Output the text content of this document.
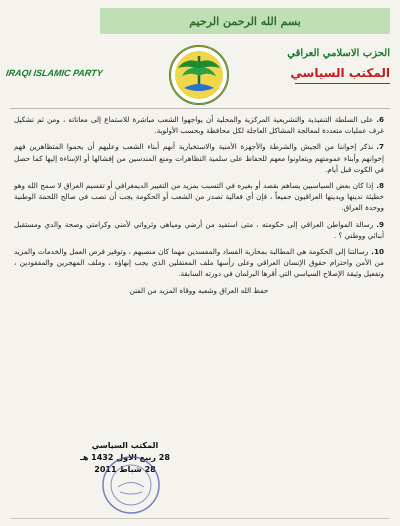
بسم الله الرحمن الرحيم
IRAQI ISLAMIC PARTY
الحزب الاسلامي العراقي
المكتب السياسي

6.على السلطة التنفيذية والتشريعية المركزية والمحلية أن يواجهوا الشعب مباشرة للاستماع إلى معاناته ، ومن ثم تشكيل غرف عمليات متعددة لمعالجة المشاكل العاجلة لكل محافظة وبحسب الأولوية.

7.نذكر إخواننا من الجيش والشرطة والأجهزة الأمنية والاستخبارية أنهم أبناء الشعب وعليهم أن يحموا المتظاهرين فهم إخوانهم وأبناء عمومتهم ويتعاونوا معهم للحفاظ على سلمية التظاهرات ومنع المندسين من إفشالها أو الإساءة إليها كما حصل في الكوت قبل أيام.

8.إذا كان بعض السياسيين يساهم بقصد أو بغيره في التسبب بمزيد من التغيير الديمغرافي أو تقسيم العراق لا سمح الله وهو خطيئة ندينها ويدينها العراقيون جميعاً ، فإن أي فعالية تصدر من الشعب أو الحكومة يجب أن تصب في صالح اللحمة الوطنية ووحدة العراق.

9.رسالة المواطن العراقي إلى حكومته ، متى استفيد من أرضي ومياهي وثرواتي لأمني وكرامتي وصحة والدي ومستقبل أبنائي ووطني ؟ .

10.رسالتنا إلى الحكومة هي المطالبة بمحاربة الفساد والمفسدين مهما كان منصبهم ، وتوفير فرص العمل والخدمات والمزيد من الأمن واحترام حقوق الإنسان العراقي وعلى رأسها ملف المعتقلين الذي يجب إنهاؤه ، وملف المهجرين والمفقودين ، وتفعيل وثيقة الإصلاح السياسي التي أقرها البرلمان في دورته السابقة.

حفظ الله العراق وشعبه ووقاه المزيد من الفتن

المكتب السياسي
28 ربيع الاول 1432 هـ
28 شباط 2011
